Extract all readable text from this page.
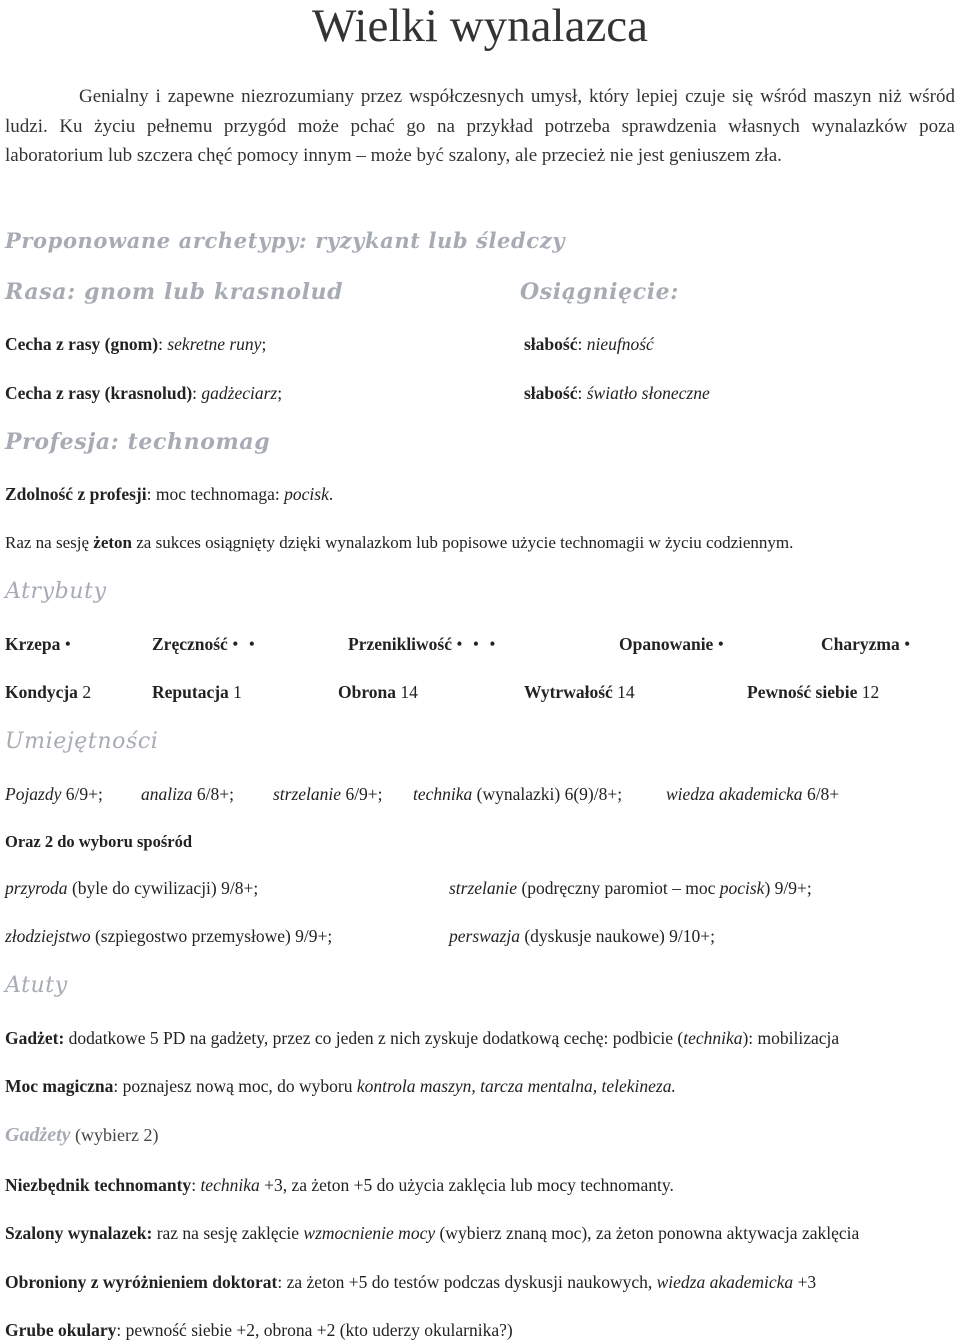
Wielki wynalazca
Genialny i zapewne niezrozumiany przez współczesnych umysł, który lepiej czuje się wśród maszyn niż wśród ludzi. Ku życiu pełnemu przygód może pchać go na przykład potrzeba sprawdzenia własnych wynalazków poza laboratorium lub szczera chęć pomocy innym – może być szalony, ale przecież nie jest geniuszem zła.
Proponowane archetypy: ryzykant lub śledczy
Rasa: gnom lub krasnolud	Osiągnięcie:
Cecha z rasy (gnom): sekretne runy;	słabość: nieufność
Cecha z rasy (krasnolud): gadżeciarz;	słabość: światło słoneczne
Profesja: technomag
Zdolność z profesji: moc technomaga: pocisk.
Raz na sesję żeton za sukces osiągnięty dzięki wynalazkom lub popisowe użycie technomagii w życiu codziennym.
Atrybuty
Krzepa •	Zręczność • •	Przenikliwość • • •	Opanowanie •	Charyzma •
Kondycja 2	Reputacja 1	Obrona 14	Wytrwałość 14	Pewność siebie 12
Umiejętności
Pojazdy 6/9+; analiza 6/8+; strzelanie 6/9+; technika (wynalazki) 6(9)/8+;	wiedza akademicka 6/8+
Oraz 2 do wyboru spośród
przyroda (byle do cywilizacji) 9/8+;	strzelanie (podręczny paromiot – moc pocisk) 9/9+;
złodziejstwo (szpiegostwo przemysłowe) 9/9+;	perswazja (dyskusje naukowe) 9/10+;
Atuty
Gadżet: dodatkowe 5 PD na gadżety, przez co jeden z nich zyskuje dodatkową cechę: podbicie (technika): mobilizacja
Moc magiczna: poznajesz nową moc, do wyboru kontrola maszyn, tarcza mentalna, telekineza.
Gadżety (wybierz 2)
Niezbędnik technomanty: technika +3, za żeton +5 do użycia zaklęcia lub mocy technomanty.
Szalony wynalazek: raz na sesję zaklęcie wzmocnienie mocy (wybierz znaną moc), za żeton ponowna aktywacja zaklęcia
Obroniony z wyróżnieniem doktorat: za żeton +5 do testów podczas dyskusji naukowych, wiedza akademicka +3
Grube okulary: pewność siebie +2, obrona +2 (kto uderzy okularnika?)
